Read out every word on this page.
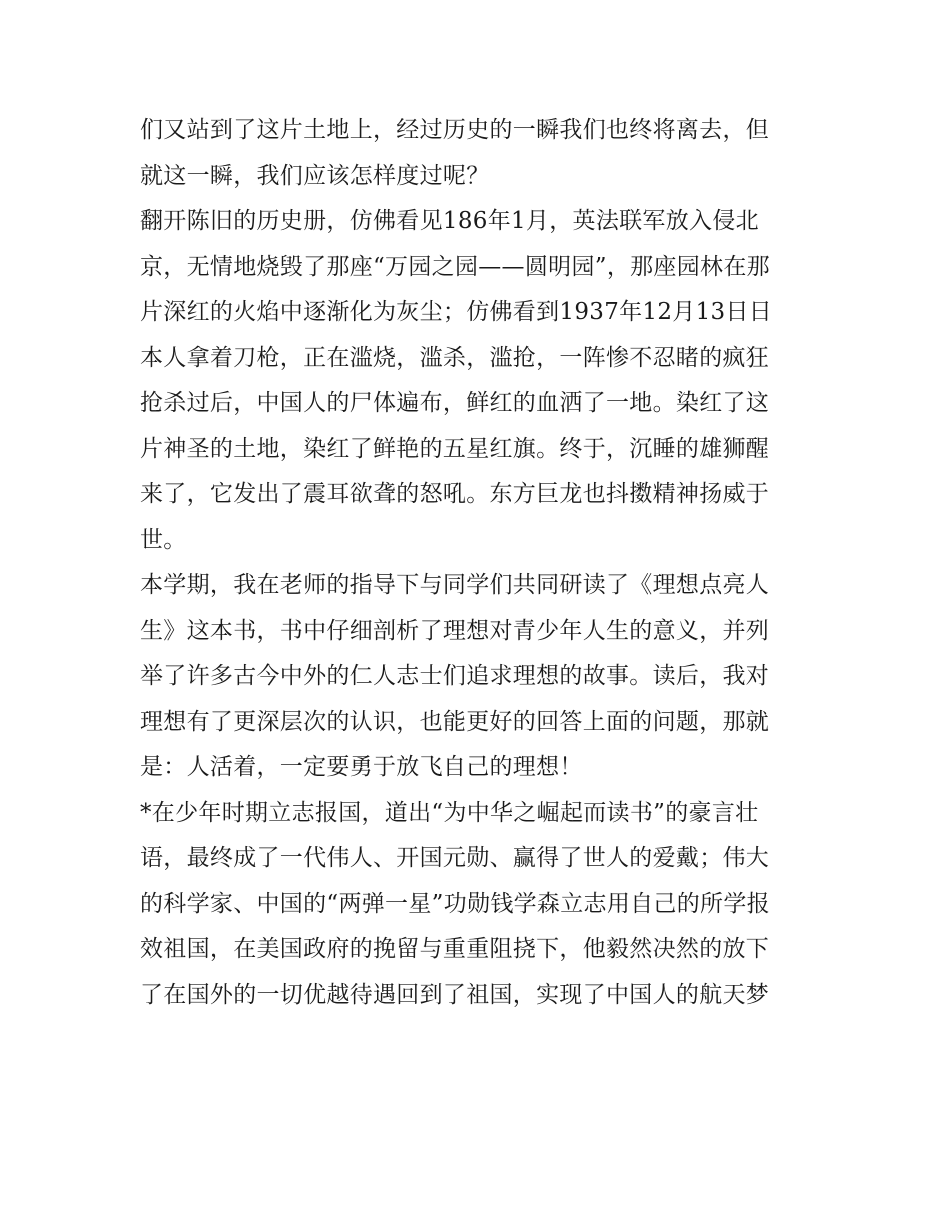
们又站到了这片土地上，经过历史的一瞬我们也终将离去，但
就这一瞬，我们应该怎样度过呢？
翻开陈旧的历史册，仿佛看见186年1月，英法联军放入侵北
京，无情地烧毁了那座“万园之园——圆明园”，那座园林在那
片深红的火焰中逐渐化为灰尘；仿佛看到1937年12月13日日
本人拿着刀枪，正在滥烧，滥杀，滥抢，一阵惨不忍睹的疯狂
抢杀过后，中国人的尸体遍布，鲜红的血洒了一地。染红了这
片神圣的土地，染红了鲜艳的五星红旗。终于，沉睡的雄狮醒
来了，它发出了震耳欲聋的怒吼。东方巨龙也抖擞精神扬威于
世。
本学期，我在老师的指导下与同学们共同研读了《理想点亮人
生》这本书，书中仔细剖析了理想对青少年人生的意义，并列
举了许多古今中外的仁人志士们追求理想的故事。读后，我对
理想有了更深层次的认识，也能更好的回答上面的问题，那就
是：人活着，一定要勇于放飞自己的理想！
*在少年时期立志报国，道出“为中华之崛起而读书”的豪言壮
语，最终成了一代伟人、开国元勋、赢得了世人的爱戴；伟大
的科学家、中国的“两弹一星”功勋钱学森立志用自己的所学报
效祖国，在美国政府的挽留与重重阻挠下，他毅然决然的放下
了在国外的一切优越待遇回到了祖国，实现了中国人的航天梦
